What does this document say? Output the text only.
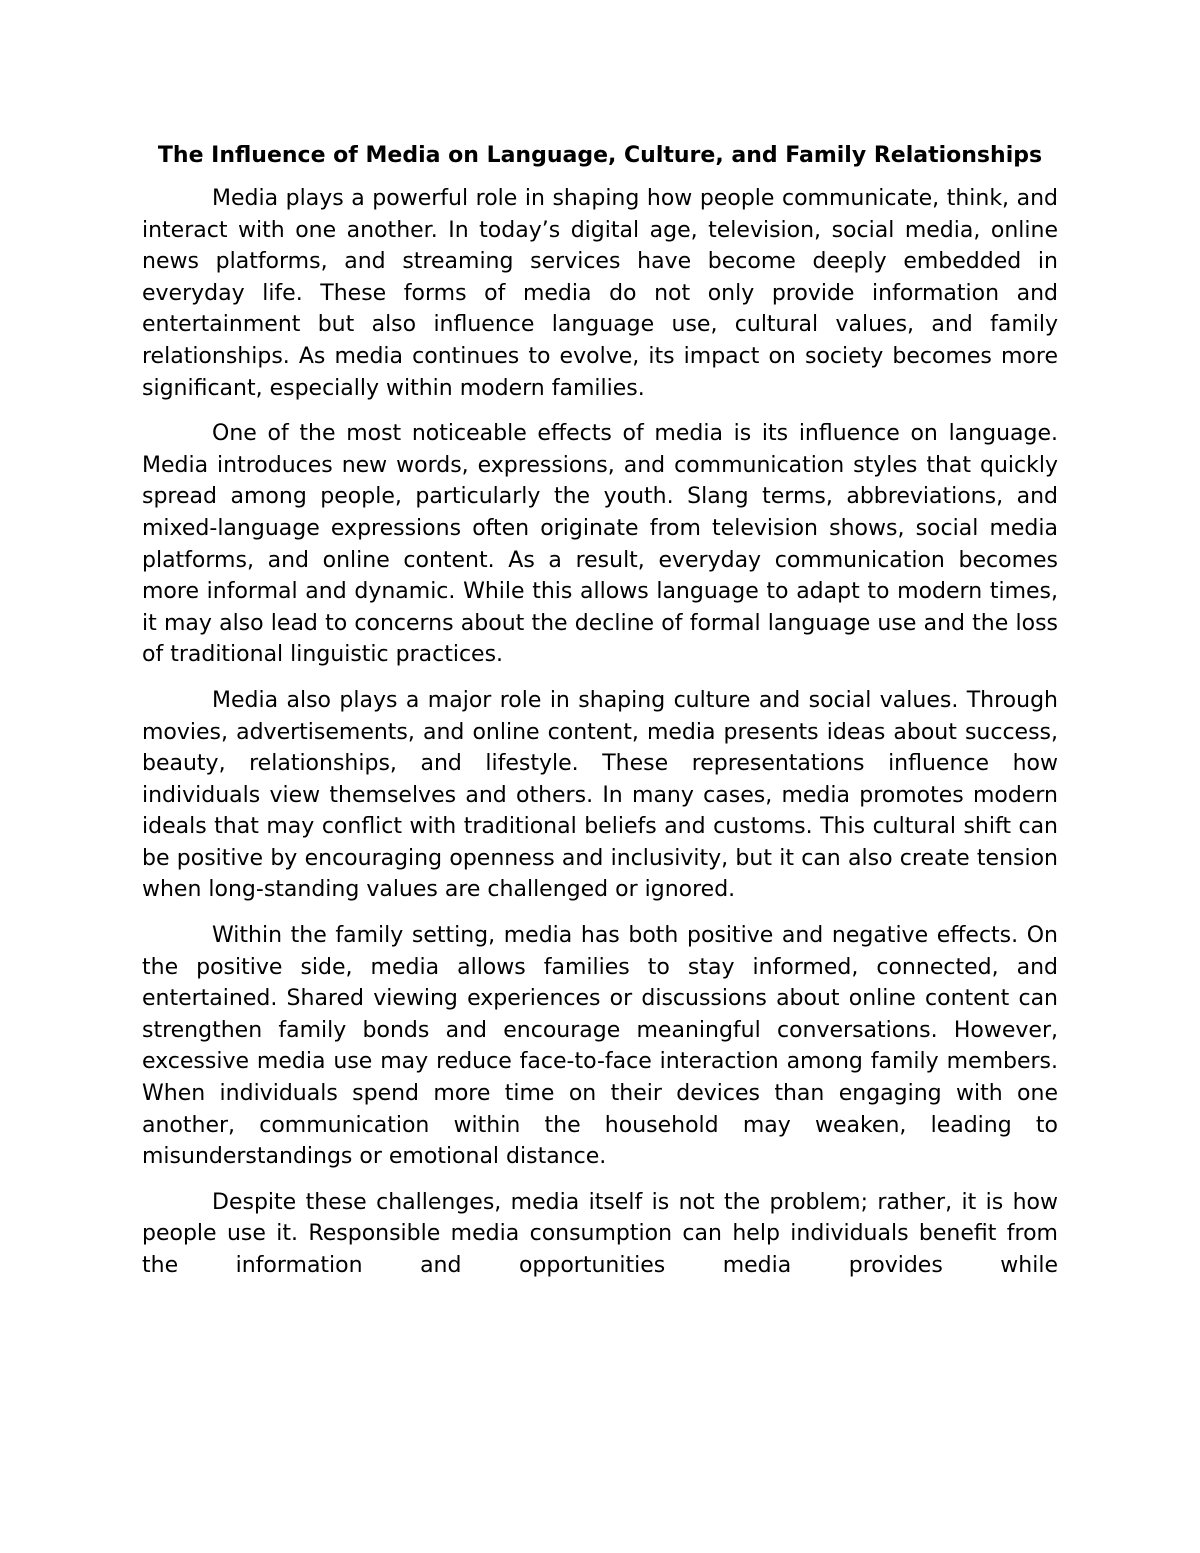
The Influence of Media on Language, Culture, and Family Relationships

Media plays a powerful role in shaping how people communicate, think, and interact with one another. In today’s digital age, television, social media, online news platforms, and streaming services have become deeply embedded in everyday life. These forms of media do not only provide information and entertainment but also influence language use, cultural values, and family relationships. As media continues to evolve, its impact on society becomes more significant, especially within modern families.

One of the most noticeable effects of media is its influence on language. Media introduces new words, expressions, and communication styles that quickly spread among people, particularly the youth. Slang terms, abbreviations, and mixed-language expressions often originate from television shows, social media platforms, and online content. As a result, everyday communication becomes more informal and dynamic. While this allows language to adapt to modern times, it may also lead to concerns about the decline of formal language use and the loss of traditional linguistic practices.

Media also plays a major role in shaping culture and social values. Through movies, advertisements, and online content, media presents ideas about success, beauty, relationships, and lifestyle. These representations influence how individuals view themselves and others. In many cases, media promotes modern ideals that may conflict with traditional beliefs and customs. This cultural shift can be positive by encouraging openness and inclusivity, but it can also create tension when long-standing values are challenged or ignored.

Within the family setting, media has both positive and negative effects. On the positive side, media allows families to stay informed, connected, and entertained. Shared viewing experiences or discussions about online content can strengthen family bonds and encourage meaningful conversations. However, excessive media use may reduce face-to-face interaction among family members. When individuals spend more time on their devices than engaging with one another, communication within the household may weaken, leading to misunderstandings or emotional distance.

Despite these challenges, media itself is not the problem; rather, it is how people use it. Responsible media consumption can help individuals benefit from the information and opportunities media provides while
